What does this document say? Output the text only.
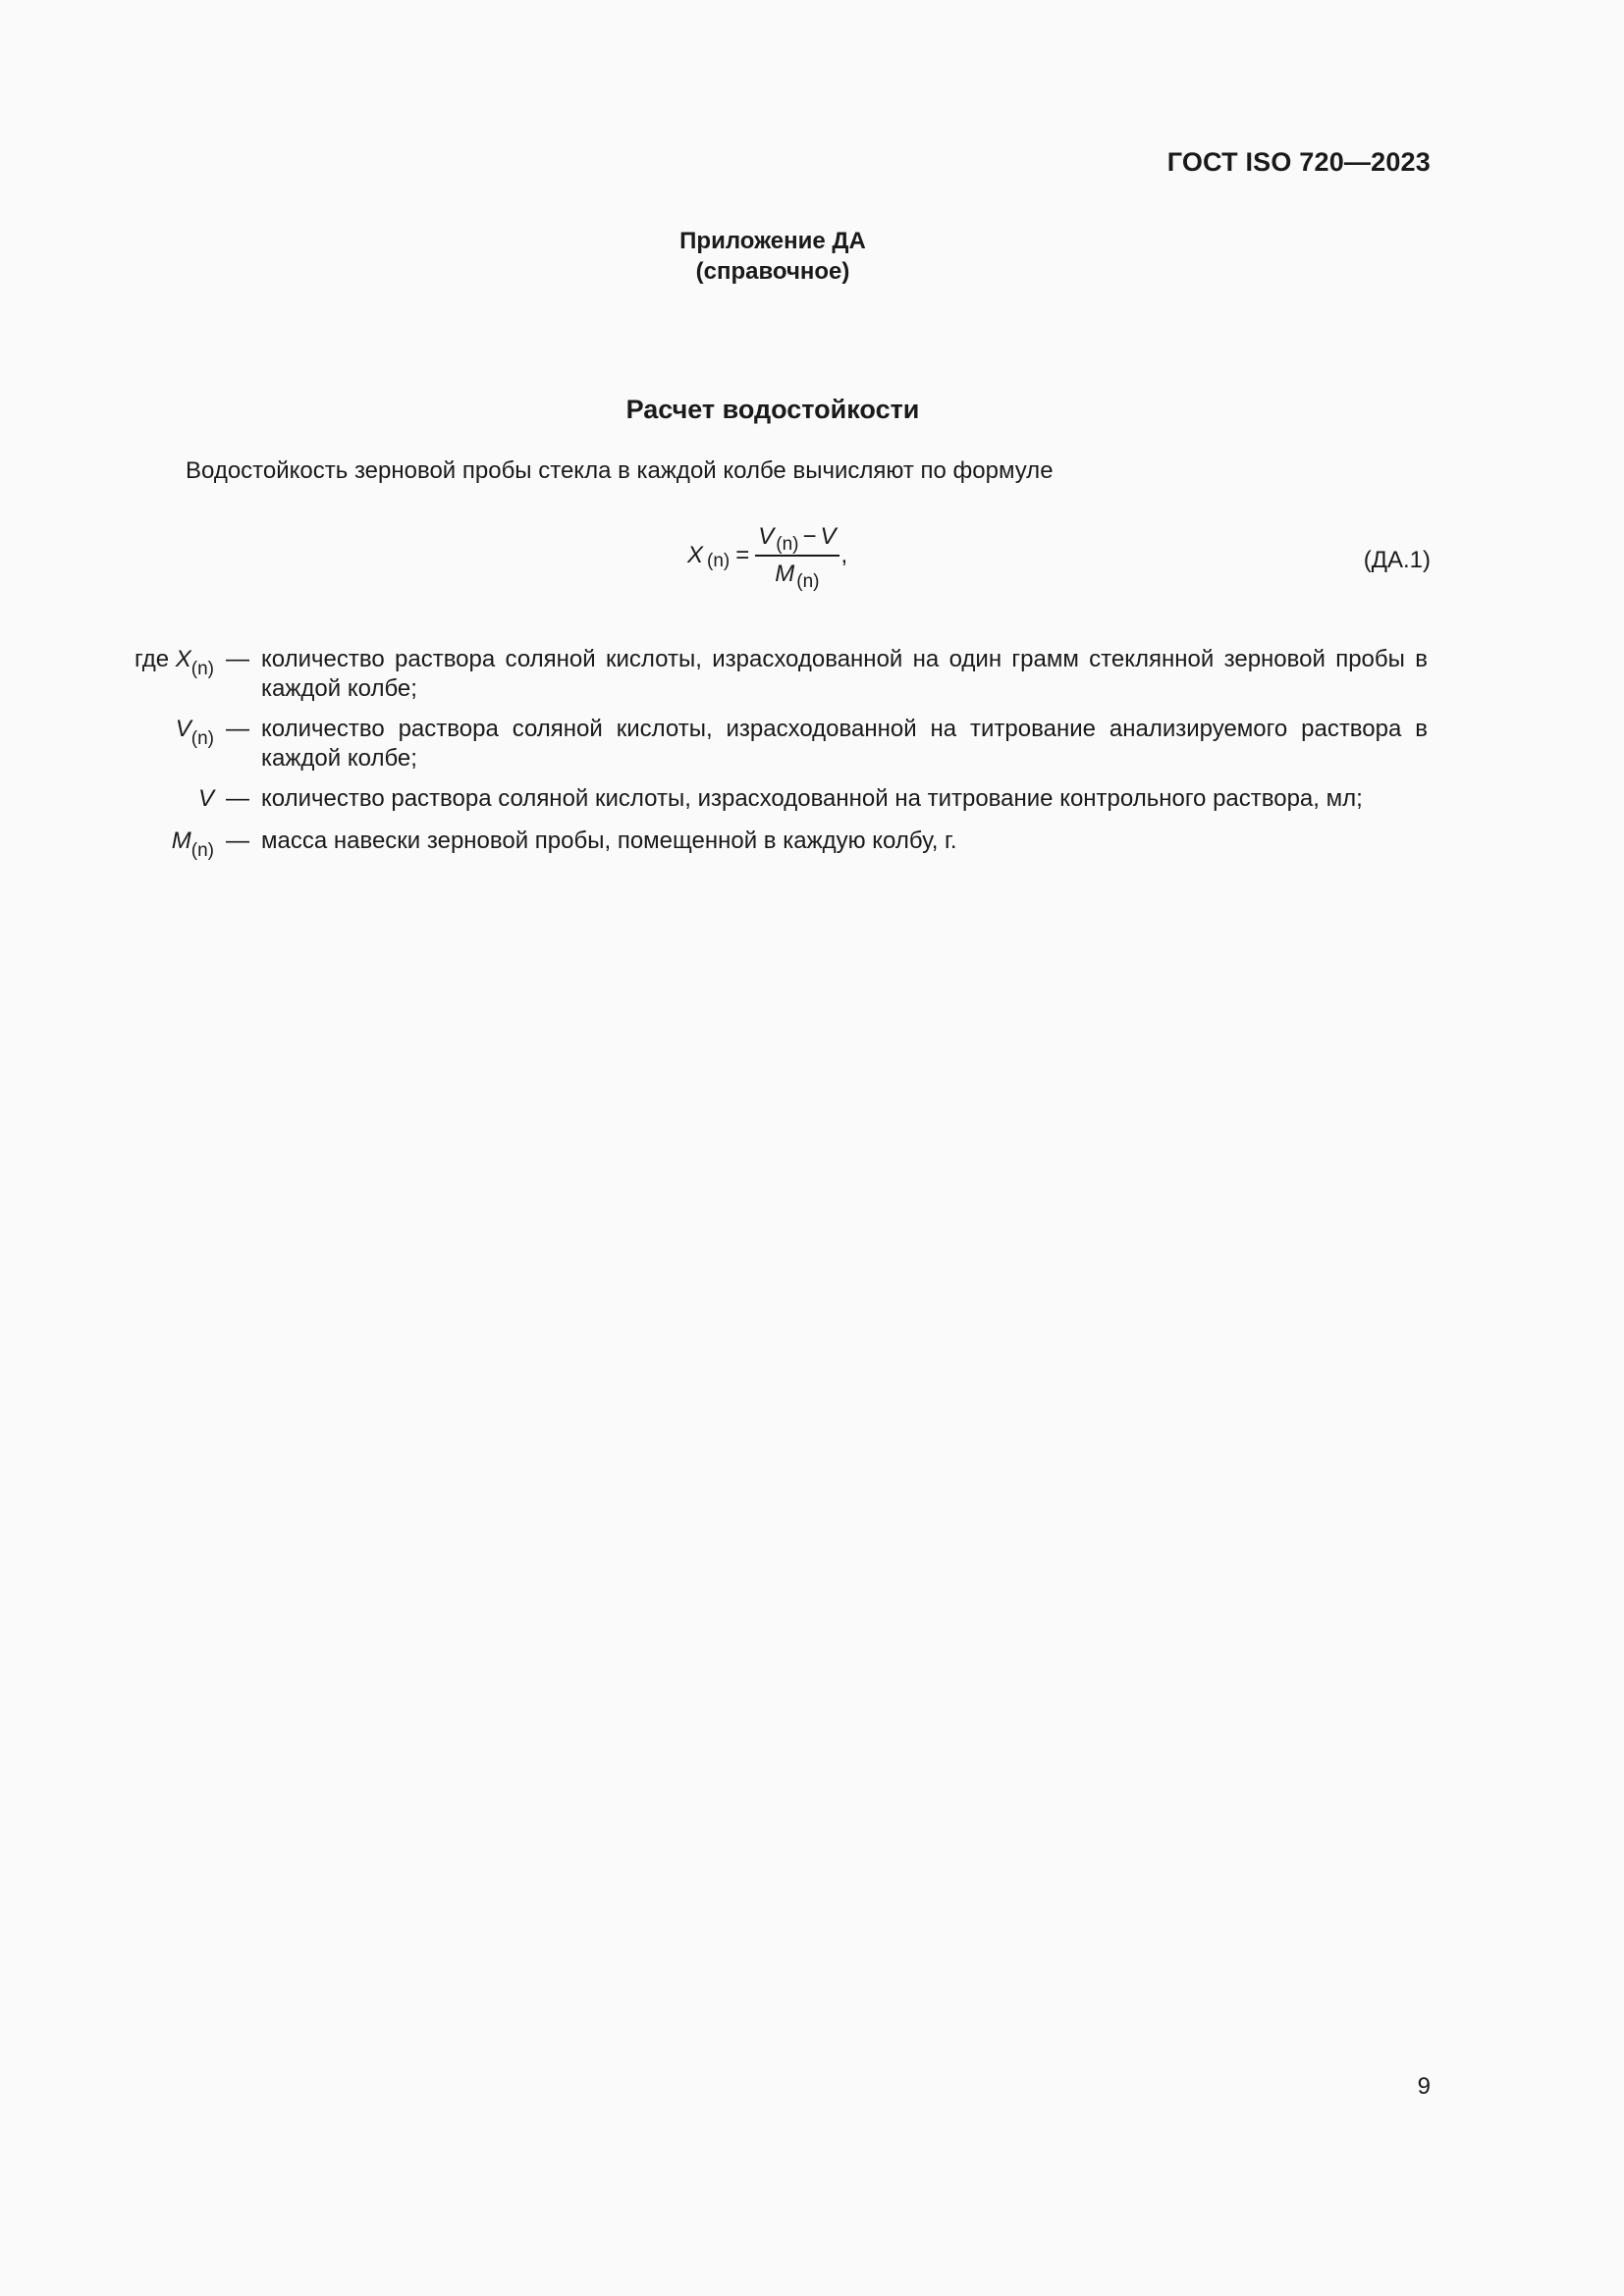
ГОСТ ISO 720—2023
Приложение ДА
(справочное)
Расчет водостойкости
Водостойкость зерновой пробы стекла в каждой колбе вычисляют по формуле
X $(n) = \frac{V _{(n)} - V}{M _{(n)}}$ ,	(ДА.1)
где $X_{(n)}$ — количество раствора соляной кислоты, израсходованной на один грамм стеклянной зерновой пробы в каждой колбе;
$V_{(n)}$ — количество раствора соляной кислоты, израсходованной на титрование анализируемого раствора в каждой колбе;
V — количество раствора соляной кислоты, израсходованной на титрование контрольного раствора, мл;
$M_{(n)}$ — масса навески зерновой пробы, помещенной в каждую колбу, г.
9
